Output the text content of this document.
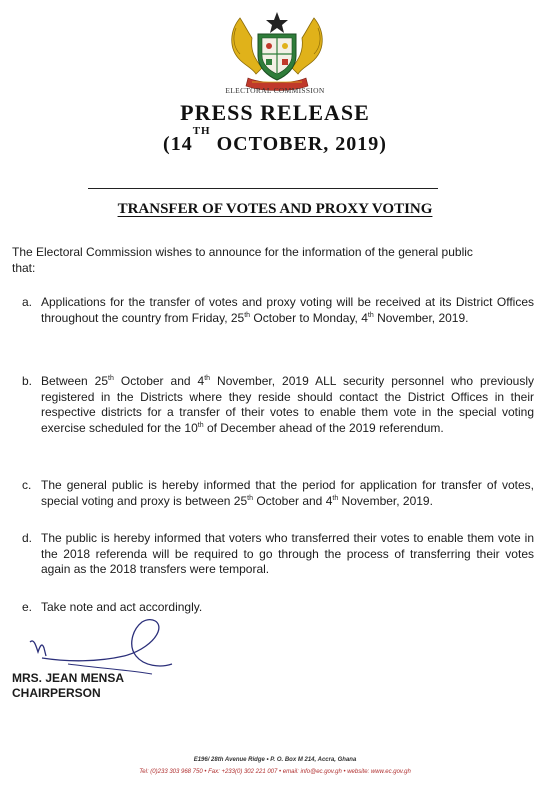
ELECTORAL COMMISSION
PRESS RELEASE
(14TH OCTOBER, 2019)
TRANSFER OF VOTES AND PROXY VOTING
The Electoral Commission wishes to announce for the information of the general public that:
a. Applications for the transfer of votes and proxy voting will be received at its District Offices throughout the country from Friday, 25th October to Monday, 4th November, 2019.
b. Between 25th October and 4th November, 2019 ALL security personnel who previously registered in the Districts where they reside should contact the District Offices in their respective districts for a transfer of their votes to enable them vote in the special voting exercise scheduled for the 10th of December ahead of the 2019 referendum.
c. The general public is hereby informed that the period for application for transfer of votes, special voting and proxy is between 25th October and 4th November, 2019.
d. The public is hereby informed that voters who transferred their votes to enable them vote in the 2018 referenda will be required to go through the process of transferring their votes again as the 2018 transfers were temporal.
e. Take note and act accordingly.
MRS. JEAN MENSA
CHAIRPERSON
E196/ 28th Avenue Ridge • P. O. Box M 214, Accra, Ghana
Tel: (0)233 303 968 750 • Fax: +233(0) 302 221 007 • email: info@ec.gov.gh • website: www.ec.gov.gh
